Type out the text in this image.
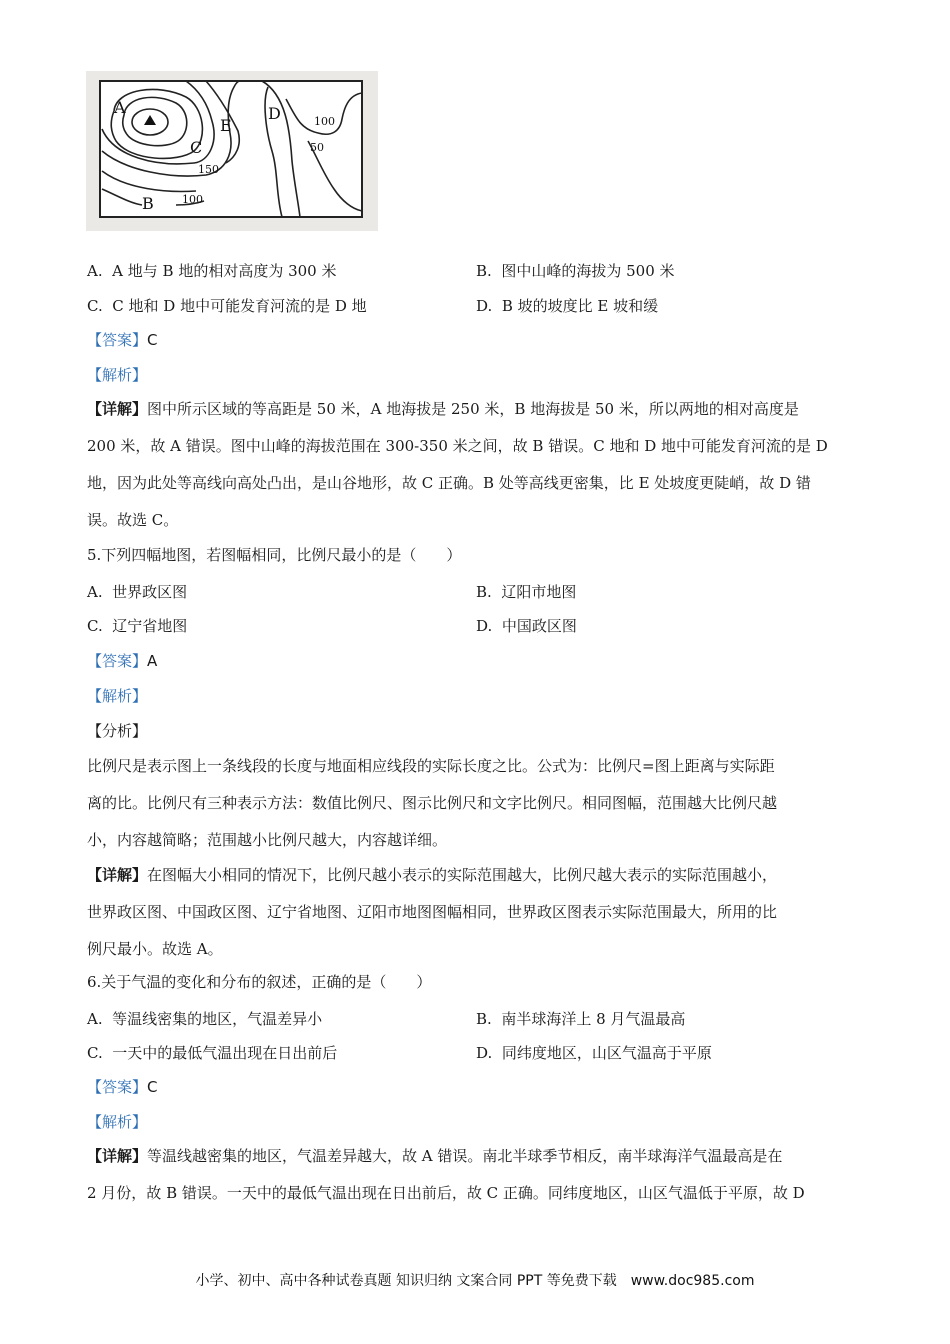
A
B
C
D
E
150
100
100
50
A. A 地与 B 地的相对高度为 300 米	B. 图中山峰的海拔为 500 米
C. C 地和 D 地中可能发育河流的是 D 地	D. B 坡的坡度比 E 坡和缓
【答案】C
【解析】
【详解】图中所示区域的等高距是 50 米，A 地海拔是 250 米，B 地海拔是 50 米，所以两地的相对高度是
200 米，故 A 错误。图中山峰的海拔范围在 300-350 米之间，故 B 错误。C 地和 D 地中可能发育河流的是 D
地，因为此处等高线向高处凸出，是山谷地形，故 C 正确。B 处等高线更密集，比 E 处坡度更陡峭，故 D 错
误。故选 C。
5.下列四幅地图，若图幅相同，比例尺最小的是（　　）
A. 世界政区图	B. 辽阳市地图
C. 辽宁省地图	D. 中国政区图
【答案】A
【解析】
【分析】
比例尺是表示图上一条线段的长度与地面相应线段的实际长度之比。公式为：比例尺=图上距离与实际距
离的比。比例尺有三种表示方法：数值比例尺、图示比例尺和文字比例尺。相同图幅，范围越大比例尺越
小，内容越简略；范围越小比例尺越大，内容越详细。
【详解】在图幅大小相同的情况下，比例尺越小表示的实际范围越大，比例尺越大表示的实际范围越小，
世界政区图、中国政区图、辽宁省地图、辽阳市地图图幅相同，世界政区图表示实际范围最大，所用的比
例尺最小。故选 A。
6.关于气温的变化和分布的叙述，正确的是（　　）
A. 等温线密集的地区，气温差异小	B. 南半球海洋上 8 月气温最高
C. 一天中的最低气温出现在日出前后	D. 同纬度地区，山区气温高于平原
【答案】C
【解析】
【详解】等温线越密集的地区，气温差异越大，故 A 错误。南北半球季节相反，南半球海洋气温最高是在
2 月份，故 B 错误。一天中的最低气温出现在日出前后，故 C 正确。同纬度地区，山区气温低于平原，故 D
小学、初中、高中各种试卷真题 知识归纳 文案合同 PPT 等免费下载　www.doc985.com
